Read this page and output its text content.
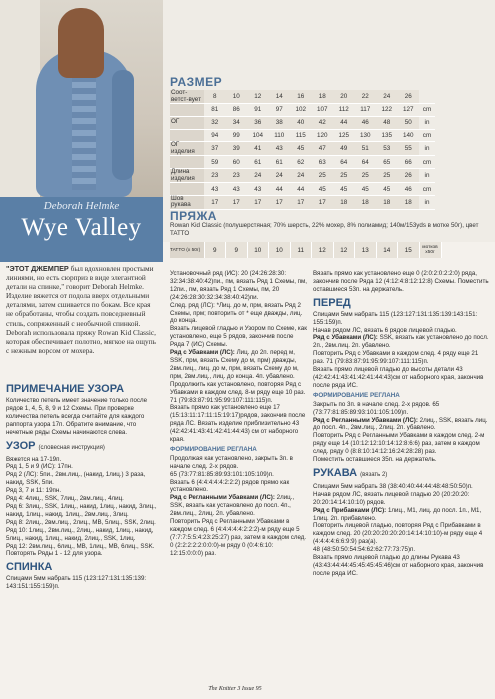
Deborah Helmke
Wye Valley
РАЗМЕР
Соот-ветст-вует	8	10	12	14	16	18	20	22	24	26	
	81	86	91	97	102	107	112	117	122	127	cm
ОГ	32	34	36	38	40	42	44	46	48	50	in
	94	99	104	110	115	120	125	130	135	140	cm
ОГ изделия	37	39	41	43	45	47	49	51	53	55	in
	59	60	61	61	62	63	64	64	65	66	cm
Длина изделия	23	23	24	24	24	25	25	25	25	26	in
	43	43	43	44	44	45	45	45	45	46	cm
Шов рукава	17	17	17	17	17	17	18	18	18	18	in
ПРЯЖА
Rowan Kid Classic (полушерстяная; 70% шерсть, 22% мохер, 8% полиамид; 140м/153yds в мотке 50г), цвет TATTO
TATTO (х 50г)	9	9	10	10	11	12	12	13	14	15	мотков х50г
"ЭТОТ ДЖЕМПЕР был вдохновлен простыми линиями, но есть сюрприз в виде элегантной детали на спинке," говорит Deborah Helmke. Изделие вяжется от подола вверх отдельными деталями, затем сшивается по бокам. Все края не обработаны, чтобы создать повседневный стиль, сопряженный с необычной спинкой. Deborah использовала пряжу Rowan Kid Classic, которая обеспечивает полотно, мягкое на ощупь с нежным ворсом от мохера.
ПРИМЕЧАНИЕ УЗОРА
Количество петель имеет значение только после рядов 1, 4, 5, 8, 9 и 12 Схемы. При проверке количества петель всегда считайте для каждого раппорта узора 17п. Обратите внимание, что нечетные ряды Схемы начинаются слева.
УЗОР (словесная инструкция)

Вяжется на 17-19п.

Ряд 1, 5 и 9 (ИС): 17пн.

Ряд 2 (ЛС): 5пи., 2вм.лиц., (накид, 1лиц.) 3 раза, накид, SSK, 5пи.

Ряд 3, 7 и 11: 19пн.

Ряд 4: 4лиц., SSK, 7лиц., 2вм.лиц., 4лиц.

Ряд 6: 3лиц., SSK, 1лиц., накид, 1лиц., накид, 3лиц., накид, 1лиц., накид, 1лиц., 2вм.лиц., 3лиц.

Ряд 8: 2лиц., 2вм.лиц., 2лиц., MB, 5лиц., SSK, 2лиц.

Ряд 10: 1лиц., 2вм.лиц., 2лиц., накид, 1лиц., накид, 5лиц., накид, 1лиц., накид, 2лиц., SSK, 1лиц.

Ряд 12: 2вм.лиц., 6лиц., MB, 1лиц., MB, 6лиц., SSK.

Повторять Ряды 1 - 12 для узора.

СПИНКА
Спицами 5мм набрать 115 (123:127:131:135:139: 143:151:155:159)п.

Установочный ряд (ИС): 20 (24:26:28:30: 32:34:38:40:42)пи., пм, вязать Ряд 1 Схемы, пм, 12пи., пм, вязать Ряд 1 Схемы, пм, 20 (24:26:28:30:32:34:38:40:42)пи.

След. ряд (ЛС): *Лиц. до м, прм, вязать Ряд 2 Схемы, прм; повторить от * еще дважды, лиц. до конца.

Вязать лицевой гладью и Узором по Схеме, как установлено, еще 5 рядов, закончив после Ряда 7 (ИС) Схемы.

Ряд с Убавками (ЛС): Лиц. до 2п. перед м, SSK, прм, вязать Схему до м, прм) дважды, 2вм.лиц., лиц. до м, прм, вязать Схему до м, прм, 2вм.лиц., лиц. до конца. 4п. убавлено.

Продолжить как установлено, повторяя Ряд с Убавками в каждом след. 8-м ряду еще 10 раз.

71 (79:83:87:91:95:99:107:111:115)п.

Вязать прямо как установлено еще 17 (15:13:11:17:11:15:19:17)рядов, закончив после ряда ЛС. Вязать изделие приблизительно 43 (42:42:41:43:41:42:41:44:43) см от наборного края.

ФОРМИРОВАНИЕ РЕГЛАНА

Продолжая как установлено, закрыть 3п. в начале след. 2-х рядов.

65 (73:77:81:85:89:93:101:105:109)п.

Вязать 6 (4:4:4:4:4:2:2:2) рядов прямо как установлено.

Ряд с Регланными Убавками (ЛС): 2лиц., SSK, вязать как установлено до посл. 4п., 2вм.лиц., 2лиц. 2п. убавлено.

Повторить Ряд с Регланными Убавками в каждом след. 6 (4:4:4:4:4:2:2:2)-м ряду еще 5 (7:7:7:5:5:4:23:25:27) раз, затем в каждом след. 0 (2:2:2:2:2:0:0:0)-м ряду 0 (0:4:6:10: 12:15:0:0:0) раз.

Вязать прямо как установлено еще 0 (2:0:2:0:2:2:0) ряда, закончив после Ряда 12 (4:12:4:8:12:12:8) Схемы. Поместить оставшиеся 53п. на держатель.

ПЕРЕД

Спицами 5мм набрать 115 (123:127:131:135:139:143:151: 155:159)п.

Начав рядом ЛС, вязать 6 рядов лицевой гладью.

Ряд с Убавками (ЛС): SSK, вязать как установлено до посл. 2п., 2вм.лиц. 2п. убавлено.

Повторить Ряд с Убавками в каждом след. 4 ряду еще 21 раз. 71 (79:83:87:91:95:99:107:111:115)п.

Вязать прямо лицевой гладью до высоты детали 43 (42:42:41:43:41:42:41:44:43)см от наборного края, закончив после ряда ИС.

ФОРМИРОВАНИЕ РЕГЛАНА

Закрыть по 3п. в начале след. 2-х рядов. 65 (73:77:81:85:89:93:101:105:109)п.

Ряд с Регланными Убавками (ЛС): 2лиц., SSK, вязать лиц. до посл. 4п., 2вм.лиц., 2лиц. 2п. убавлено.

Повторить Ряд с Регланными Убавками в каждом след. 2-м ряду еще 14 (10:12:12:10:14:12:8:6:6) раз, затем в каждом след. ряду 0 (8:8:10:14:12:16:24:28:28) раз.

Поместить оставшиеся 35п. на держатель.

РУКАВА (вязать 2)

Спицами 5мм набрать 38 (38:40:40:44:44:48:48:50:50)п.

Начав рядом ЛС, вязать лицевой гладью 20 (20:20:20: 20:20:14:14:10:10) рядов.

Ряд с Прибавками (ЛС): 1лиц., М1, лиц. до посл. 1п., М1, 1лиц. 2п. прибавлено.

Повторить лицевой гладью, повторяя Ряд с Прибавками в каждом след. 20 (20:20:20:20:20:14:14:10:10)-м ряду еще 4 (4:4:4:4:6:6:9:9) раз(а).

48 (48:50:50:54:54:62:62:77:73:75)п.

Вязать прямо лицевой гладью до длины Рукава 43 (43:43:44:44:45:45:45:45:46)см от наборного края, закончив после ряда ИС.

The Knitter 3 Issue 95
